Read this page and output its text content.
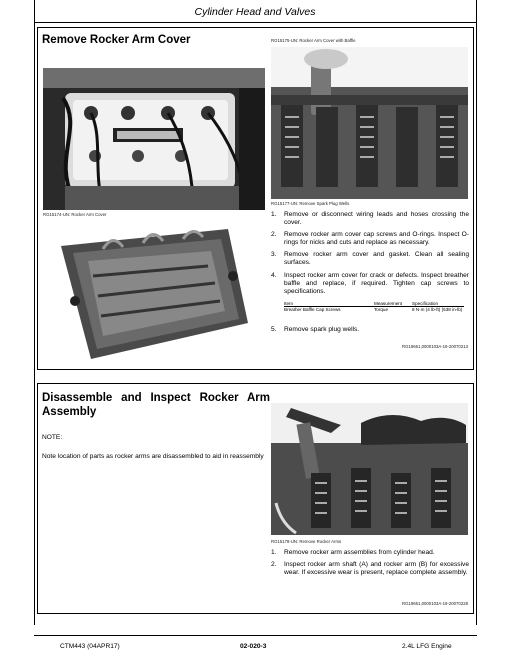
Cylinder Head and Valves
Remove Rocker Arm Cover
RG15174-UN: Rocker Arm Cover
RG15175-UN: Rocker Arm Cover with Baffle
RG15177-UN: Remove Spark Plug Wells
1. Remove or disconnect wiring leads and hoses crossing the cover.
2. Remove rocker arm cover cap screws and O-rings. Inspect O-rings for nicks and cuts and replace as necessary.
3. Remove rocker arm cover and gasket. Clean all sealing surfaces.
4. Inspect rocker arm cover for crack or defects. Inspect breather baffle and replace, if required. Tighten cap screws to specifications.
Item	Measurement	Specification
Breather Baffle Cap Screws	Torque	8 N·m (4 lb-ft) (538 in-lb)
5. Remove spark plug wells.
RG19661,0000103A-19-20070213
Disassemble and Inspect Rocker Arm Assembly
NOTE:
Note location of parts as rocker arms are disassembled to aid in reassembly
RG15178-UN: Remove Rocker Arms
1. Remove rocker arm assemblies from cylinder head.
2. Inspect rocker arm shaft (A) and rocker arm (B) for excessive wear. If excessive wear is present, replace complete assembly.
RG19661,0000103A-19-20070228
CTM443 (04APR17)	02-020-3	2.4L LFG Engine
